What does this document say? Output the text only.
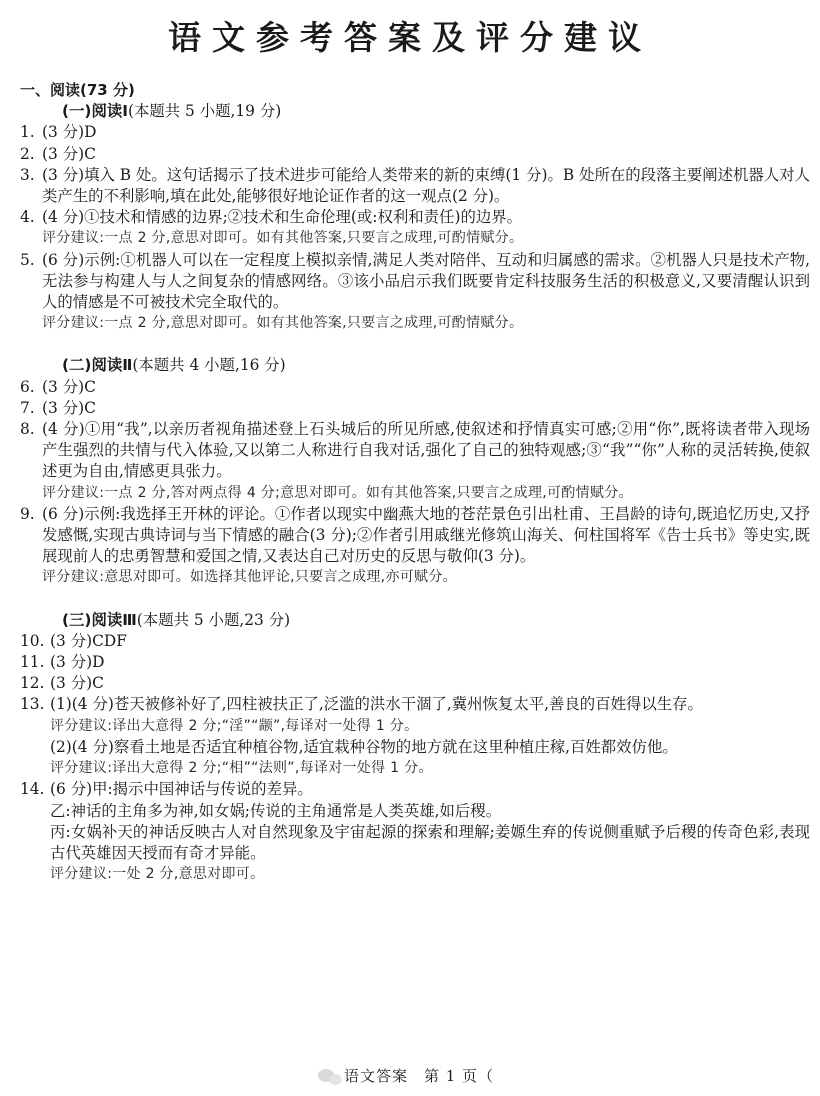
语文参考答案及评分建议
一、阅读(73 分)
(一)阅读Ⅰ(本题共 5 小题,19 分)
1. (3 分)D
2. (3 分)C
3. (3 分)填入 B 处。这句话揭示了技术进步可能给人类带来的新的束缚(1 分)。B 处所在的段落主要阐述机器人对人类产生的不利影响,填在此处,能够很好地论证作者的这一观点(2 分)。
4. (4 分)①技术和情感的边界;②技术和生命伦理(或:权利和责任)的边界。
评分建议:一点 2 分,意思对即可。如有其他答案,只要言之成理,可酌情赋分。
5. (6 分)示例:①机器人可以在一定程度上模拟亲情,满足人类对陪伴、互动和归属感的需求。②机器人只是技术产物,无法参与构建人与人之间复杂的情感网络。③该小品启示我们既要肯定科技服务生活的积极意义,又要清醒认识到人的情感是不可被技术完全取代的。
评分建议:一点 2 分,意思对即可。如有其他答案,只要言之成理,可酌情赋分。
(二)阅读Ⅱ(本题共 4 小题,16 分)
6. (3 分)C
7. (3 分)C
8. (4 分)①用“我”,以亲历者视角描述登上石头城后的所见所感,使叙述和抒情真实可感;②用“你”,既将读者带入现场产生强烈的共情与代入体验,又以第二人称进行自我对话,强化了自己的独特观感;③“我”“你”人称的灵活转换,使叙述更为自由,情感更具张力。
评分建议:一点 2 分,答对两点得 4 分;意思对即可。如有其他答案,只要言之成理,可酌情赋分。
9. (6 分)示例:我选择王开林的评论。①作者以现实中幽燕大地的苍茫景色引出杜甫、王昌龄的诗句,既追忆历史,又抒发感慨,实现古典诗词与当下情感的融合(3 分);②作者引用戚继光修筑山海关、何柱国将军《告士兵书》等史实,既展现前人的忠勇智慧和爱国之情,又表达自己对历史的反思与敬仰(3 分)。
评分建议:意思对即可。如选择其他评论,只要言之成理,亦可赋分。
(三)阅读Ⅲ(本题共 5 小题,23 分)
10. (3 分)CDF
11. (3 分)D
12. (3 分)C
13. (1)(4 分)苍天被修补好了,四柱被扶正了,泛滥的洪水干涸了,冀州恢复太平,善良的百姓得以生存。
评分建议:译出大意得 2 分;“淫”“颛”,每译对一处得 1 分。
(2)(4 分)察看土地是否适宜种植谷物,适宜栽种谷物的地方就在这里种植庄稼,百姓都效仿他。
评分建议:译出大意得 2 分;“相”“法则”,每译对一处得 1 分。
14. (6 分)甲:揭示中国神话与传说的差异。
乙:神话的主角多为神,如女娲;传说的主角通常是人类英雄,如后稷。
丙:女娲补天的神话反映古人对自然现象及宇宙起源的探索和理解;姜嫄生弃的传说侧重赋予后稷的传奇色彩,表现古代英雄因天授而有奇才异能。
评分建议:一处 2 分,意思对即可。
语文答案　第 1 页（
